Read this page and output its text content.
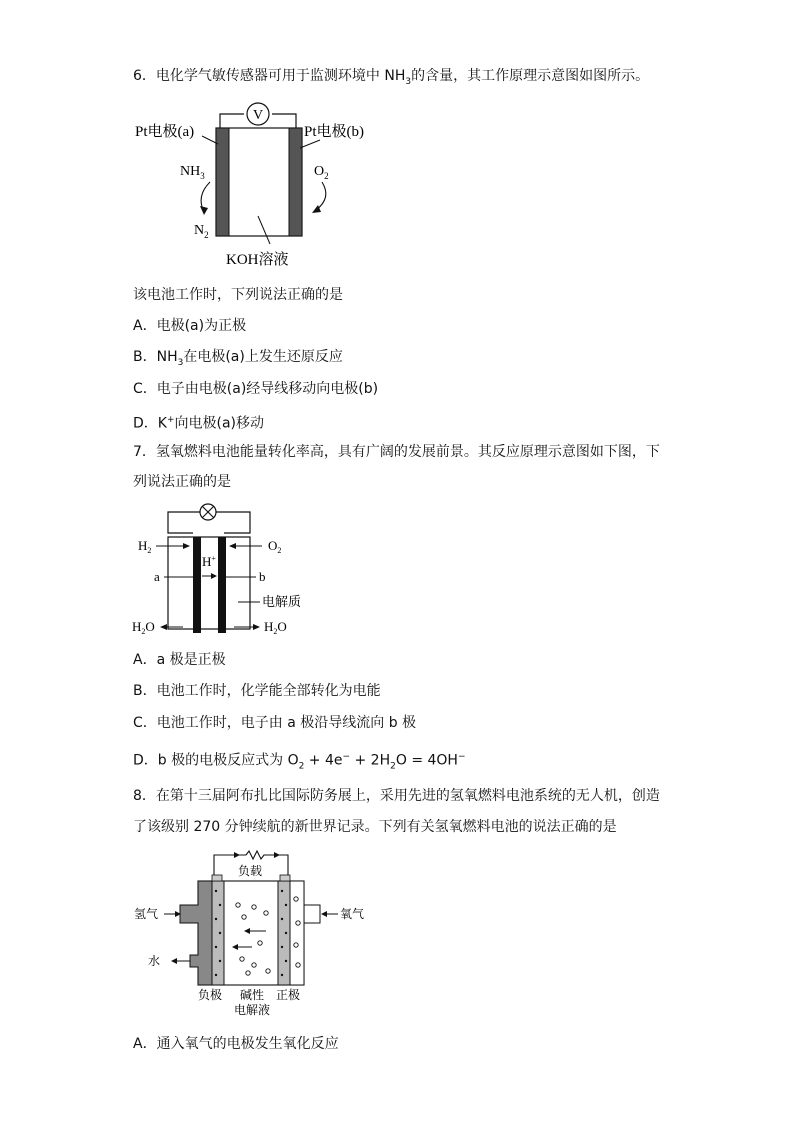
6．电化学气敏传感器可用于监测环境中 $NH_3$的含量，其工作原理示意图如图所示。
V
Pt电极(a)	Pt电极(b)
$NH_3$
$N_2$
$O_2$
KOH溶液
该电池工作时，下列说法正确的是
A．电极(a)为正极
B．$NH_3$在电极(a)上发生还原反应
C．电子由电极(a)经导线移动向电极(b)
D．K+向电极(a)移动
7．氢氧燃料电池能量转化率高，具有广阔的发展前景。其反应原理示意图如下图，下
列说法正确的是
$H_2$	$O_2$
H+
a	b
电解质
$H_2O$	$H_2O$
A．a 极是正极
B．电池工作时，化学能全部转化为电能
C．电池工作时，电子由 a 极沿导线流向 b 极
D．b 极的电极反应式为 $O_2 + 4e^- + 2H_2O = 4OH^-$
8．在第十三届阿布扎比国际防务展上，采用先进的氢氧燃料电池系统的无人机，创造
了该级别 270 分钟续航的新世界记录。下列有关氢氧燃料电池的说法正确的是
负载
氢气	氧气
水
负极 碱性
电解液
正极
A．通入氧气的电极发生氧化反应
